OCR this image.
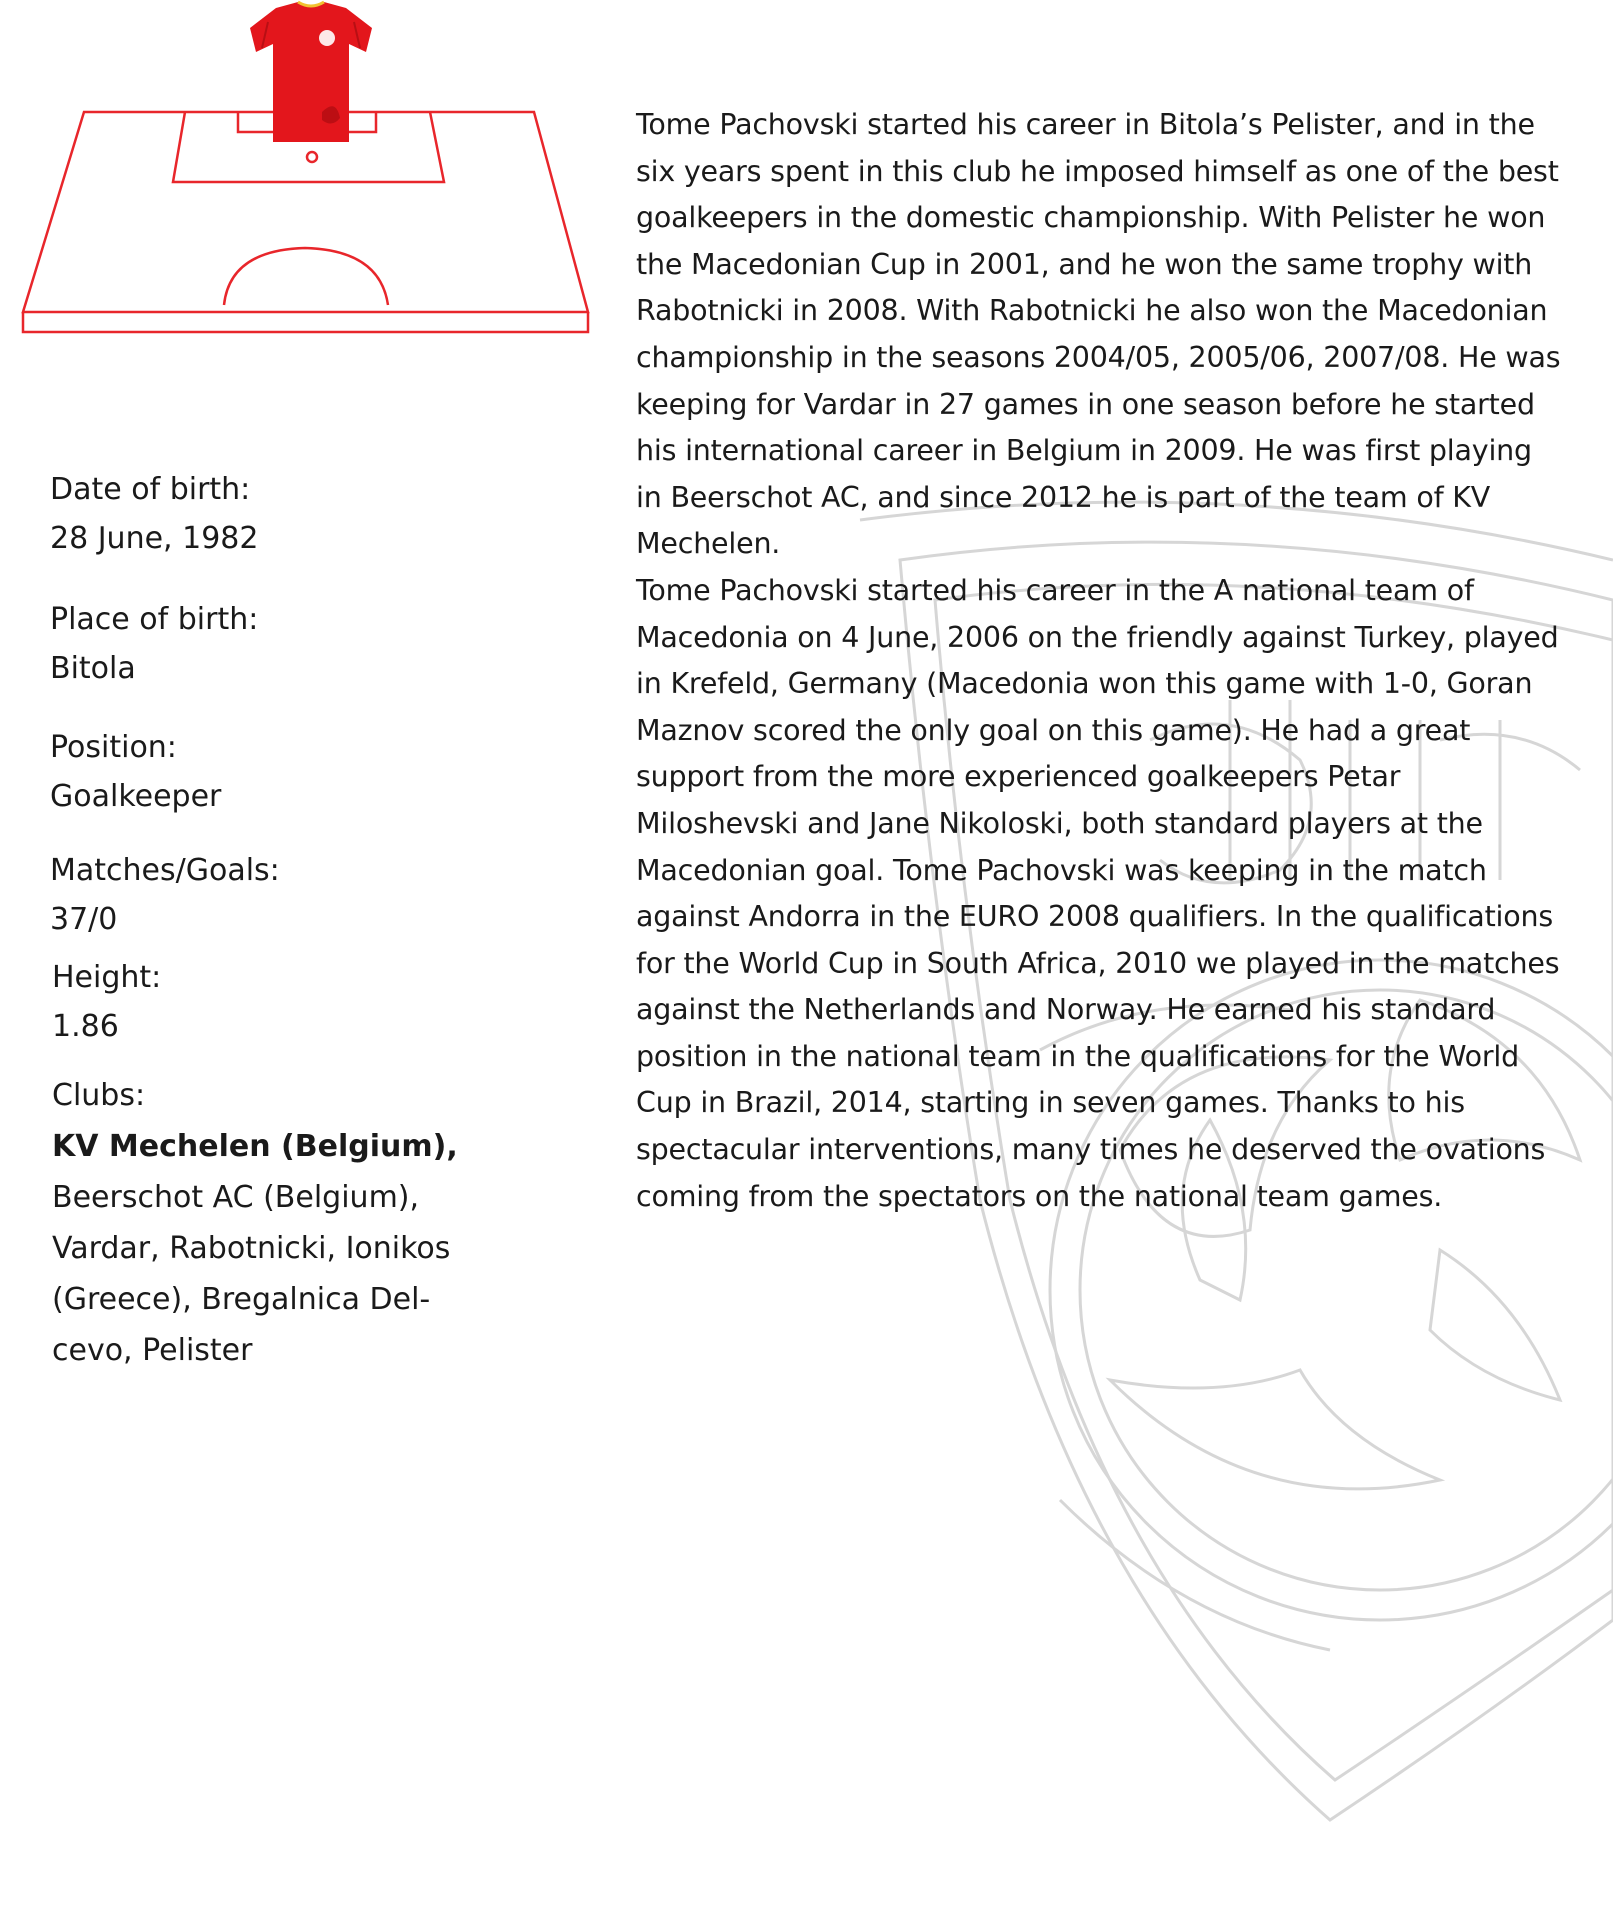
Date of birth:
28 June, 1982
Place of birth:
Bitola
Position:
Goalkeeper
Matches/Goals:
37/0
Height:
1.86
Clubs:
KV Mechelen (Belgium),
Beerschot AC (Belgium),
Vardar, Rabotnicki, Ionikos
(Greece), Bregalnica Del-
cevo, Pelister

Tome Pachovski started his career in Bitola’s Pelister, and in the six years spent in this club he imposed himself as one of the best goalkeepers in the domestic championship. With Pelister he won the Macedonian Cup in 2001, and he won the same trophy with Rabotnicki in 2008. With Rabotnicki he also won the Macedonian championship in the seasons 2004/05, 2005/06, 2007/08. He was keeping for Vardar in 27 games in one season before he started his international career in Belgium in 2009. He was first playing in Beerschot AC, and since 2012 he is part of the team of KV Mechelen.

Tome Pachovski started his career in the A national team of Macedonia on 4 June, 2006 on the friendly against Turkey, played in Krefeld, Germany (Macedonia won this game with 1-0, Goran Maznov scored the only goal on this game). He had a great support from the more experienced goalkeepers Petar Miloshevski and Jane Nikoloski, both standard players at the Macedonian goal. Tome Pachovski was keeping in the match against Andorra in the EURO 2008 qualifiers. In the qualifications for the World Cup in South Africa, 2010 we played in the matches against the Netherlands and Norway. He earned his standard position in the national team in the qualifications for the World Cup in Brazil, 2014, starting in seven games. Thanks to his spectacular interventions, many times he deserved the ovations coming from the spectators on the national team games.
